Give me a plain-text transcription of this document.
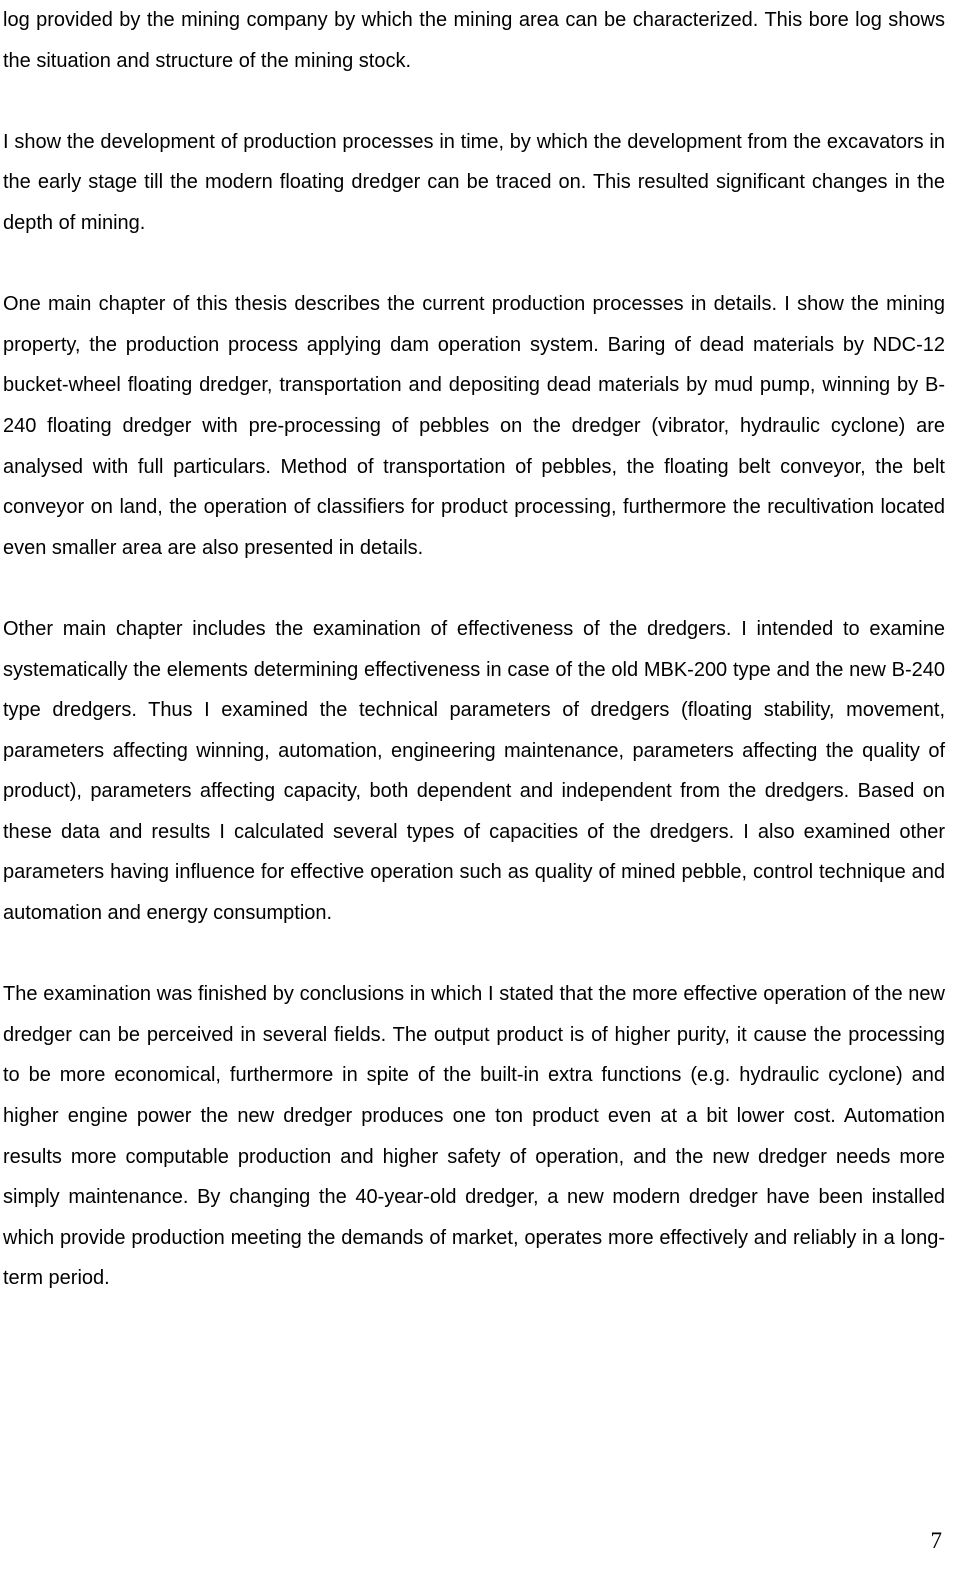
log provided by the mining company by which the mining area can be characterized. This bore log shows the situation and structure of the mining stock.

I show the development of production processes in time, by which the development from the excavators in the early stage till the modern floating dredger can be traced on. This resulted significant changes in the depth of mining.

One main chapter of this thesis describes the current production processes in details. I show the mining property, the production process applying dam operation system. Baring of dead materials by NDC-12 bucket-wheel floating dredger, transportation and depositing dead materials by mud pump, winning by B-240 floating dredger with pre-processing of pebbles on the dredger (vibrator, hydraulic cyclone) are analysed with full particulars. Method of transportation of pebbles, the floating belt conveyor, the belt conveyor on land, the operation of classifiers for product processing, furthermore the recultivation located even smaller area are also presented in details.

Other main chapter includes the examination of effectiveness of the dredgers. I intended to examine systematically the elements determining effectiveness in case of the old MBK-200 type and the new B-240 type dredgers. Thus I examined the technical parameters of dredgers (floating stability, movement, parameters affecting winning, automation, engineering maintenance, parameters affecting the quality of product), parameters affecting capacity, both dependent and independent from the dredgers. Based on these data and results I calculated several types of capacities of the dredgers. I also examined other parameters having influence for effective operation such as quality of mined pebble, control technique and automation and energy consumption.

The examination was finished by conclusions in which I stated that the more effective operation of the new dredger can be perceived in several fields. The output product is of higher purity, it cause the processing to be more economical, furthermore in spite of the built-in extra functions (e.g. hydraulic cyclone) and higher engine power the new dredger produces one ton product even at a bit lower cost. Automation results more computable production and higher safety of operation, and the new dredger needs more simply maintenance. By changing the 40-year-old dredger, a new modern dredger have been installed which provide production meeting the demands of market, operates more effectively and reliably in a long-term period.

7
